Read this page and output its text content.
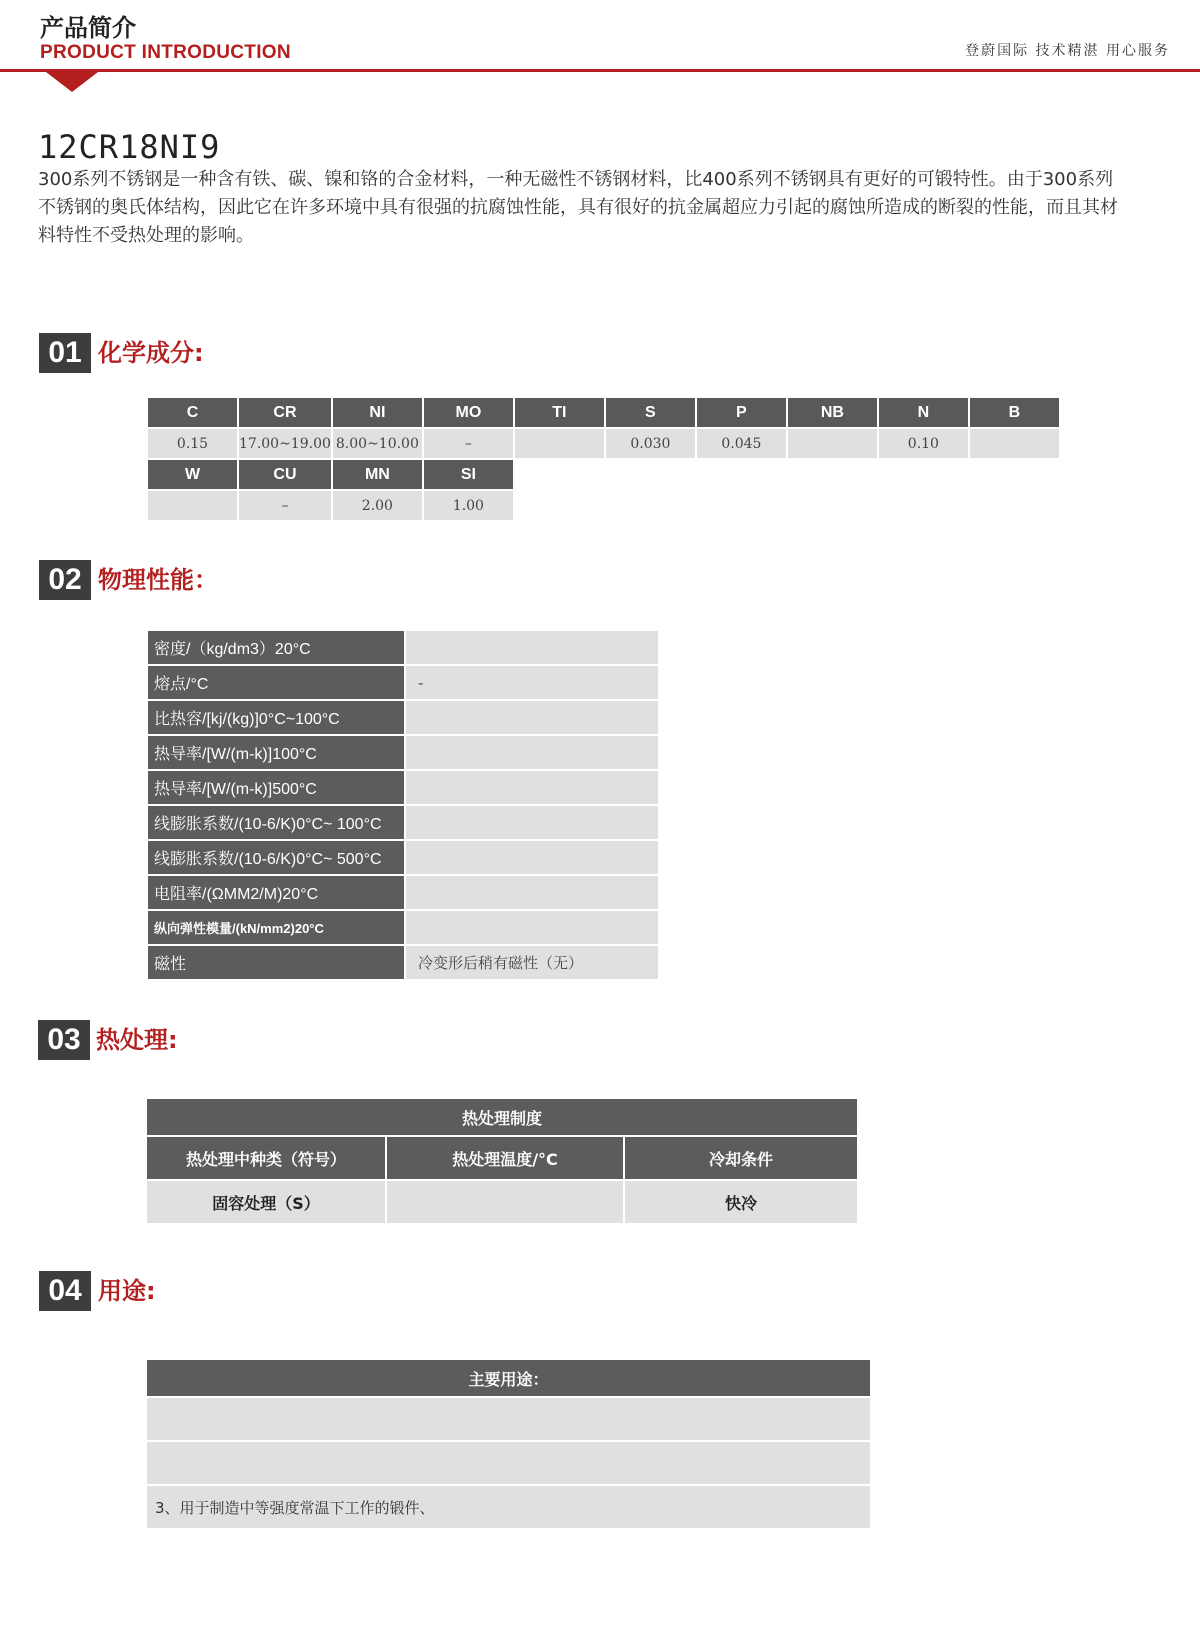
产品简介
PRODUCT INTRODUCTION	登蔚国际 技术精湛 用心服务
12CR18NI9
300系列不锈钢是一种含有铁、碳、镍和铬的合金材料，一种无磁性不锈钢材料，比400系列不锈钢具有更好的可锻特性。由于300系列不锈钢的奥氏体结构，因此它在许多环境中具有很强的抗腐蚀性能，具有很好的抗金属超应力引起的腐蚀所造成的断裂的性能，而且其材料特性不受热处理的影响。
01 化学成分:
C	CR	NI	MO	TI	S	P	NB	N	B
0.15	17.00~19.00	8.00~10.00	–		0.030	0.045		0.10	
W	CU	MN	SI						
	–	2.00	1.00						
02 物理性能：
密度/（kg/dm3）20°C	
熔点/°C	-
比热容/[kj/(kg)]0°C~100°C	
热导率/[W/(m-k)]100°C	
热导率/[W/(m-k)]500°C	
线膨胀系数/(10-6/K)0°C~ 100°C	
线膨胀系数/(10-6/K)0°C~ 500°C	
电阻率/(ΩMM2/M)20°C	
纵向弹性模量/(kN/mm2)20°C	
磁性	冷变形后稍有磁性（无）
03 热处理:
热处理制度		
热处理中种类（符号）	热处理温度/°C	冷却条件
固容处理（S）		快冷
04 用途:
主要用途：

3、用于制造中等强度常温下工作的锻件、
